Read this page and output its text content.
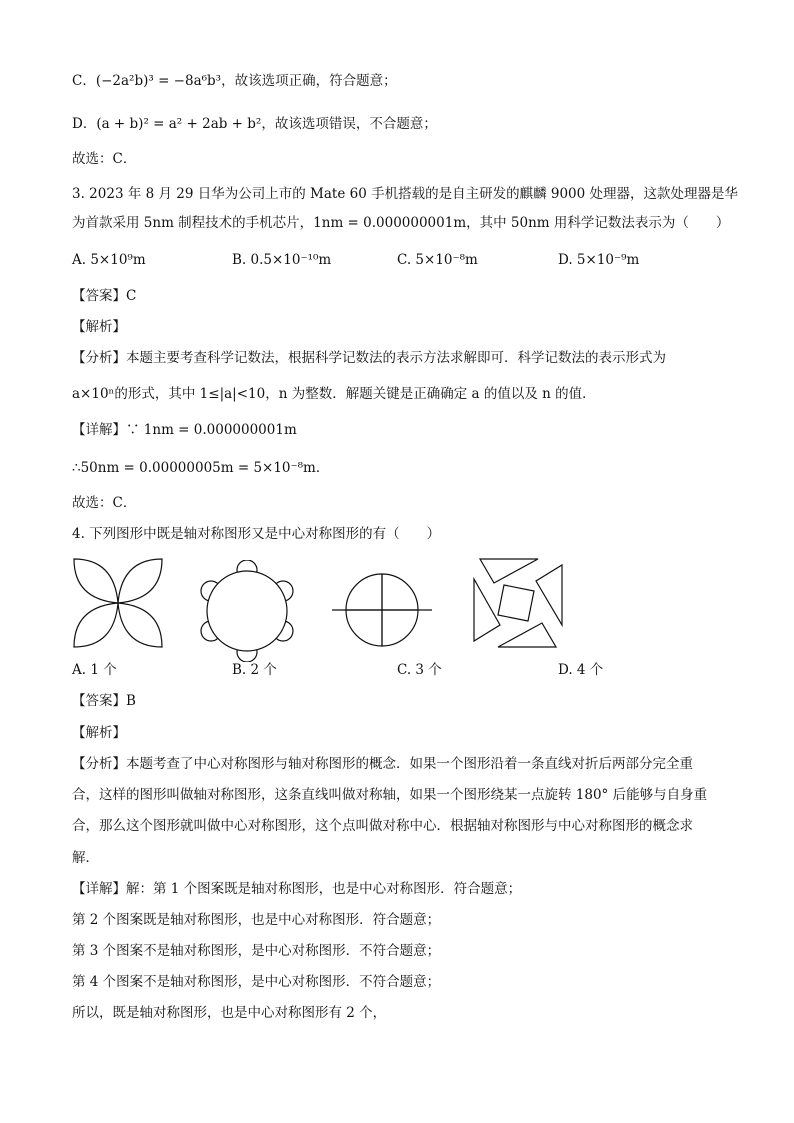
C．(−2a²b)³ = −8a⁶b³，故该选项正确，符合题意；
D．(a + b)² = a² + 2ab + b²，故该选项错误，不合题意；
故选：C．
3. 2023 年 8 月 29 日华为公司上市的 Mate 60 手机搭载的是自主研发的麒麟 9000 处理器，这款处理器是华
为首款采用 5nm 制程技术的手机芯片，1nm = 0.000000001m，其中 50nm 用科学记数法表示为（　　）
A. 5×10⁹m	B. 0.5×10⁻¹⁰m	C. 5×10⁻⁸m	D. 5×10⁻⁹m
【答案】C
【解析】
【分析】本题主要考查科学记数法，根据科学记数法的表示方法求解即可．科学记数法的表示形式为
a×10ⁿ的形式，其中 1≤|a|<10，n 为整数．解题关键是正确确定 a 的值以及 n 的值．
【详解】∵ 1nm = 0.000000001m
∴50nm = 0.00000005m = 5×10⁻⁸m．
故选：C．
4. 下列图形中既是轴对称图形又是中心对称图形的有（　　）
A. 1 个	B. 2 个	C. 3 个	D. 4 个
【答案】B
【解析】
【分析】本题考查了中心对称图形与轴对称图形的概念．如果一个图形沿着一条直线对折后两部分完全重
合，这样的图形叫做轴对称图形，这条直线叫做对称轴，如果一个图形绕某一点旋转 180° 后能够与自身重
合，那么这个图形就叫做中心对称图形，这个点叫做对称中心．根据轴对称图形与中心对称图形的概念求
解．
【详解】解：第 1 个图案既是轴对称图形，也是中心对称图形．符合题意；
第 2 个图案既是轴对称图形，也是中心对称图形．符合题意；
第 3 个图案不是轴对称图形，是中心对称图形．不符合题意；
第 4 个图案不是轴对称图形，是中心对称图形．不符合题意；
所以，既是轴对称图形，也是中心对称图形有 2 个，
